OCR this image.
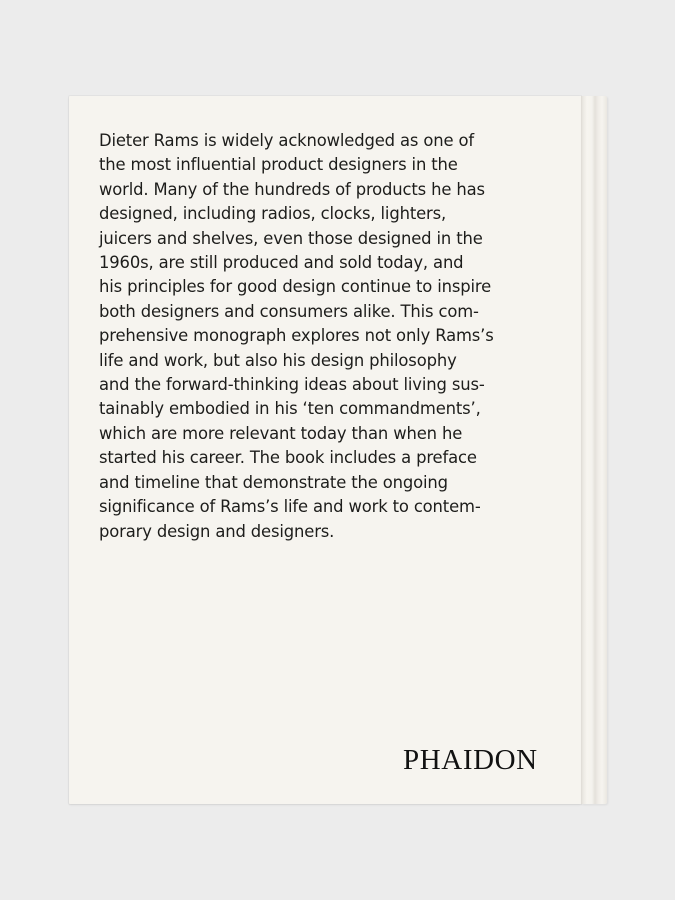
Dieter Rams is widely acknowledged as one of
the most influential product designers in the
world. Many of the hundreds of products he has
designed, including radios, clocks, lighters,
juicers and shelves, even those designed in the
1960s, are still produced and sold today, and
his principles for good design continue to inspire
both designers and consumers alike. This com-
prehensive monograph explores not only Rams’s
life and work, but also his design philosophy
and the forward-thinking ideas about living sus-
tainably embodied in his ‘ten commandments’,
which are more relevant today than when he
started his career. The book includes a preface
and timeline that demonstrate the ongoing
significance of Rams’s life and work to contem-
porary design and designers.

PHAIDON
